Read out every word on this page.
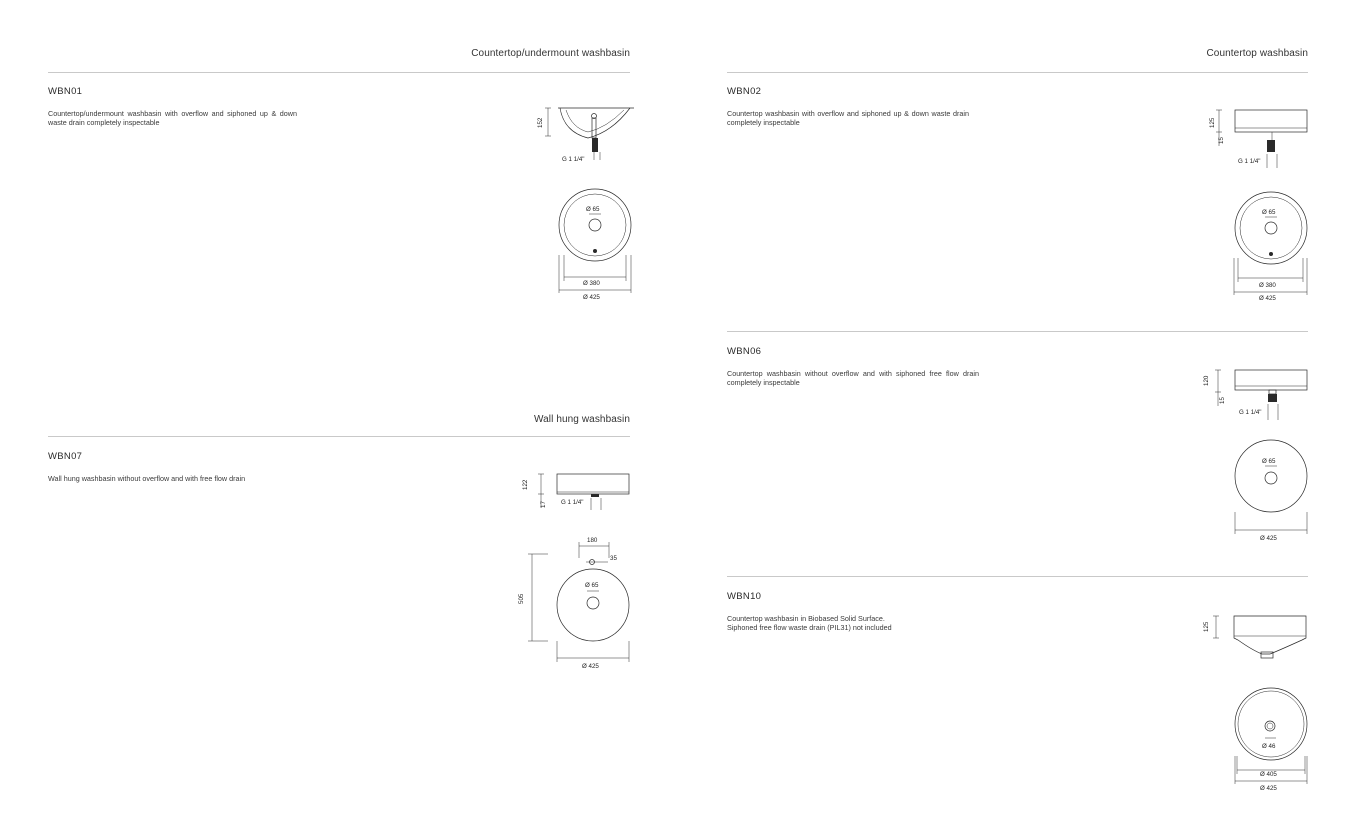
Countertop/undermount washbasin
WBN01
Countertop/undermount washbasin with overflow and siphoned up & down waste drain completely inspectable	152
G 1 1/4"
Ø 65
Ø 380
Ø 425
Wall hung washbasin
WBN07
Wall hung washbasin without overflow and with free flow drain
122
17 G 1 1/4"
180
35
Ø 65
505
Ø 425
Countertop washbasin
WBN02
Countertop washbasin with overflow and siphoned up & down waste drain completely inspectable	125
15
G 1 1/4"
Ø 65
Ø 380
Ø 425
WBN06
Countertop washbasin without overflow and with siphoned free flow drain completely inspectable	120
15
G 1 1/4"
Ø 65
Ø 425
WBN10
Countertop washbasin in Biobased Solid Surface.
Siphoned free flow waste drain (PIL31) not included	125
Ø 46
Ø 405
Ø 425
